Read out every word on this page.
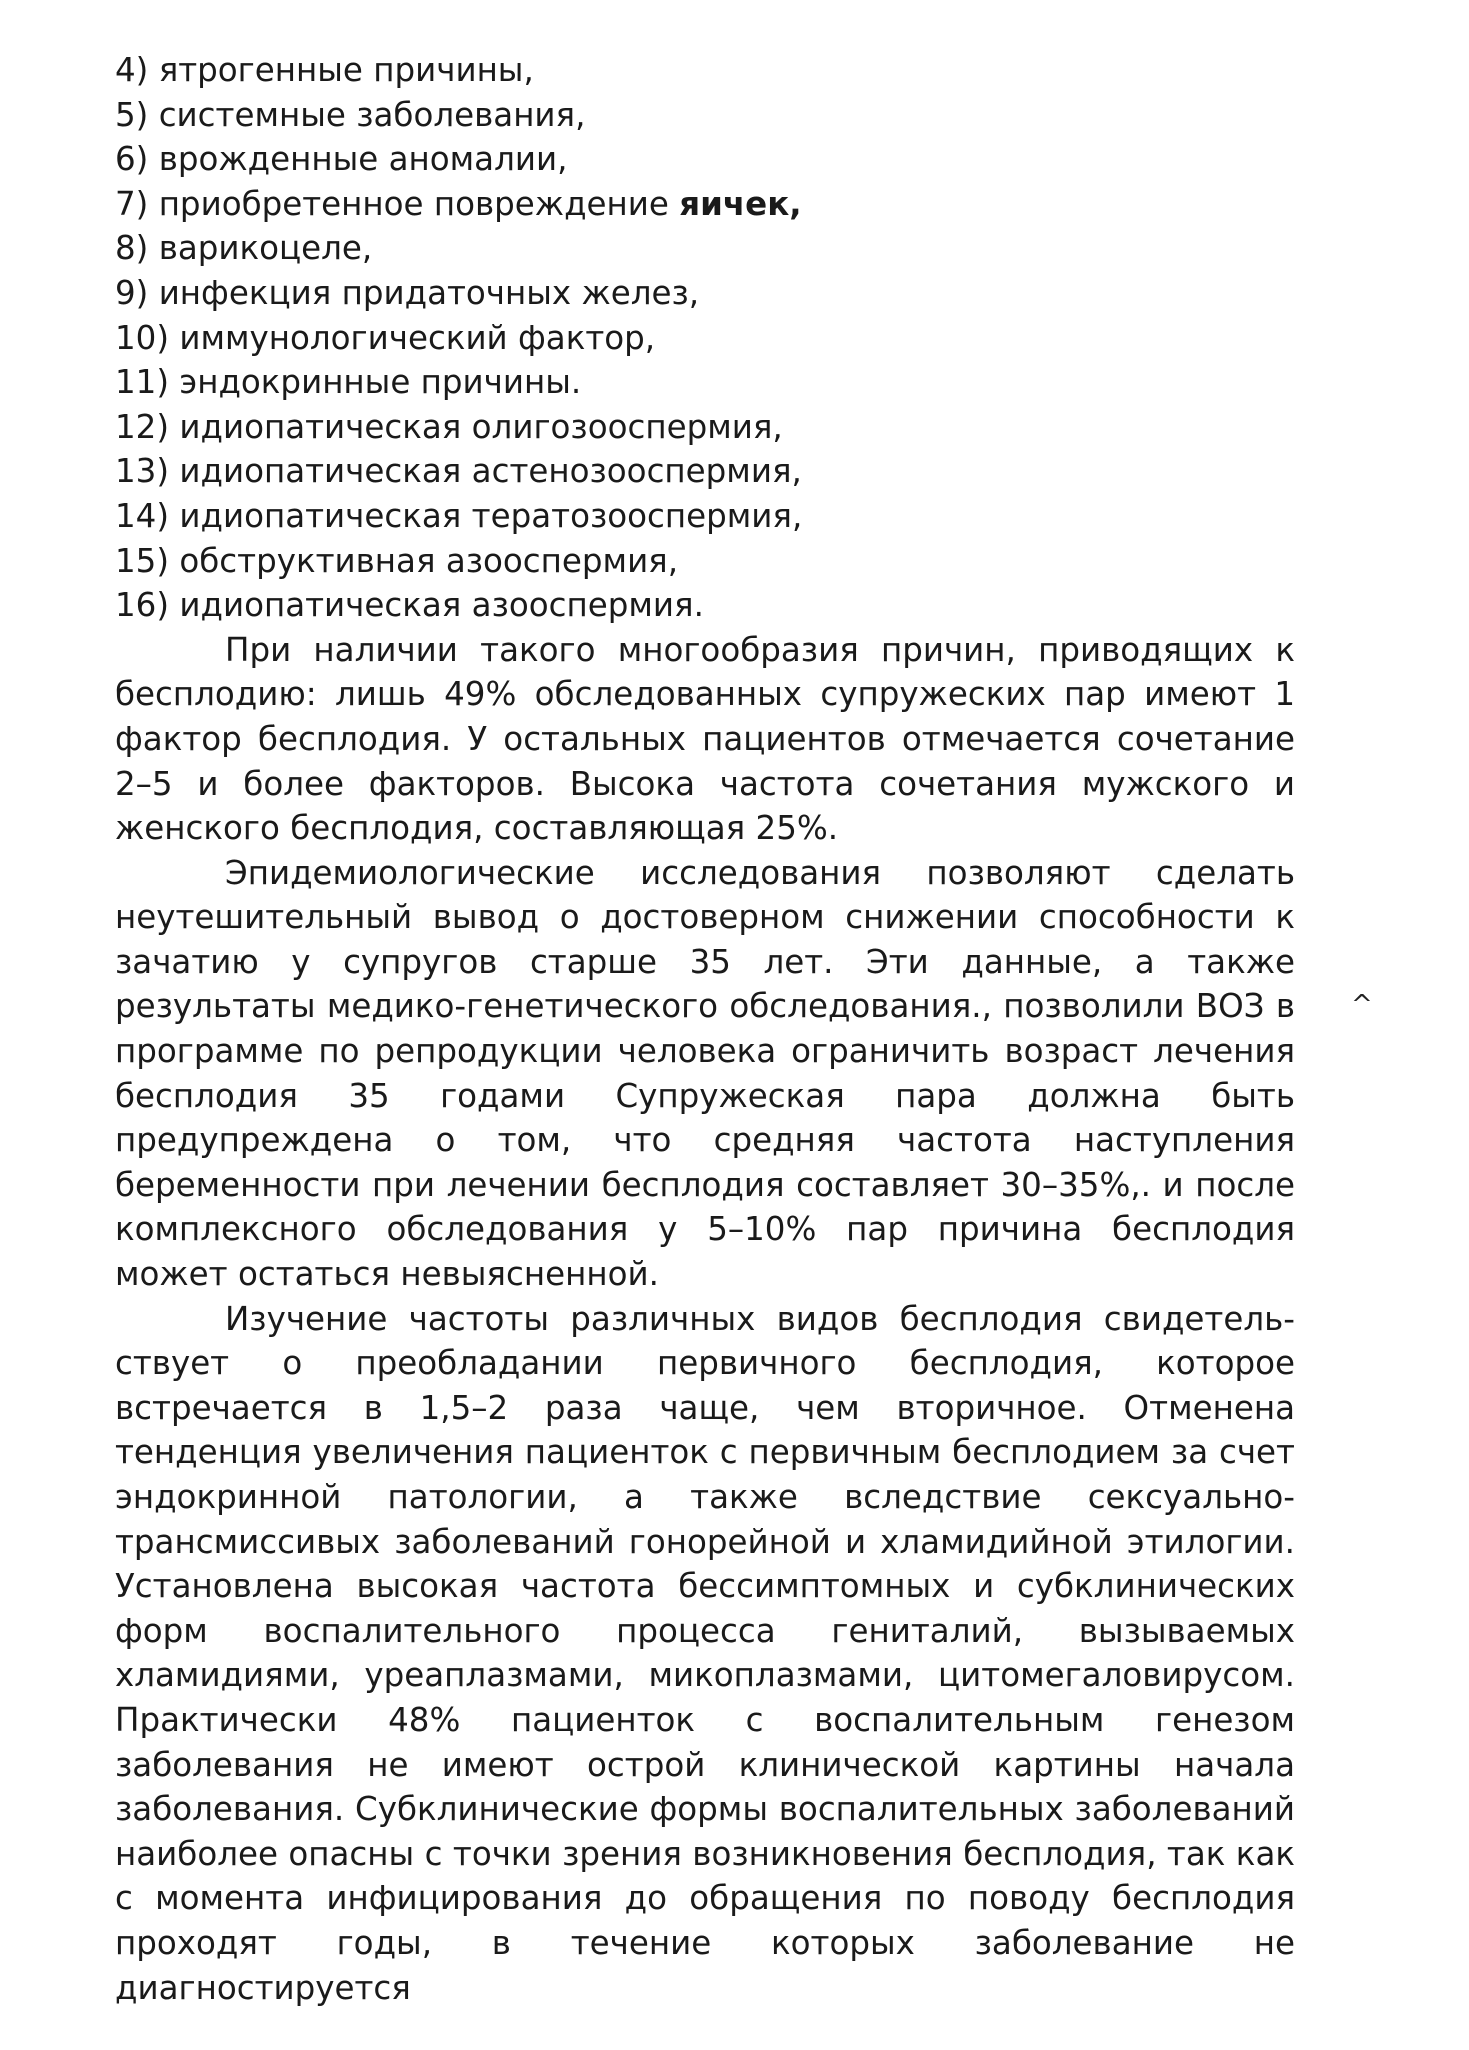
4) ятрогенные причины,
5) системные заболевания,
6) врожденные аномалии,
7) приобретенное повреждение яичек,
8) варикоцеле,
9) инфекция придаточных желез,
10) иммунологический фактор,
11) эндокринные причины.
12) идиопатическая олигозооспермия,
13) идиопатическая астенозооспермия,
14) идиопатическая тератозооспермия,
15) обструктивная азооспермия,
16) идиопатическая азооспермия.

При наличии такого многообразия причин, приводящих к бесплодию: лишь 49% обследованных супружеских пар имеют 1 фактор бесплодия. У остальных пациентов отмечается сочетание 2–5 и более факторов. Высока частота сочетания мужского и женского бесплодия, составляющая 25%.

Эпидемиологические исследования позволяют сделать неутешительный вывод о достоверном снижении способности к зачатию у супругов старше 35 лет. Эти данные, а также результаты медико-генетического обследования., позволили ВОЗ в программе по репродукции человека ограничить возраст лечения бесплодия 35 годами Супружеская пара должна быть предупреждена о том, что средняя частота наступления беременности при лечении бесплодия составляет 30–35%,. и после комплексного обследования у 5–10% пар причина бесплодия может остаться невыясненной.

Изучение частоты различных видов бесплодия свидетель-ствует о преобладании первичного бесплодия, которое встречается в 1,5–2 раза чаще, чем вторичное. Отменена тенденция увеличения пациенток с первичным бесплодием за счет эндокринной патологии, а также вследствие сексуально-трансмиссивых заболеваний гонорейной и хламидийной этилогии. Установлена высокая частота бессимптомных и субклинических форм воспалительного процесса гениталий, вызываемых хламидиями, уреаплазмами, микоплазмами, цитомегаловирусом. Практически 48% пациенток с воспалительным генезом заболевания не имеют острой клинической картины начала заболевания. Субклинические формы воспалительных заболеваний наиболее опасны с точки зрения возникновения бесплодия, так как с момента инфицирования до обращения по поводу бесплодия проходят годы, в течение которых заболевание не диагностируется

^
